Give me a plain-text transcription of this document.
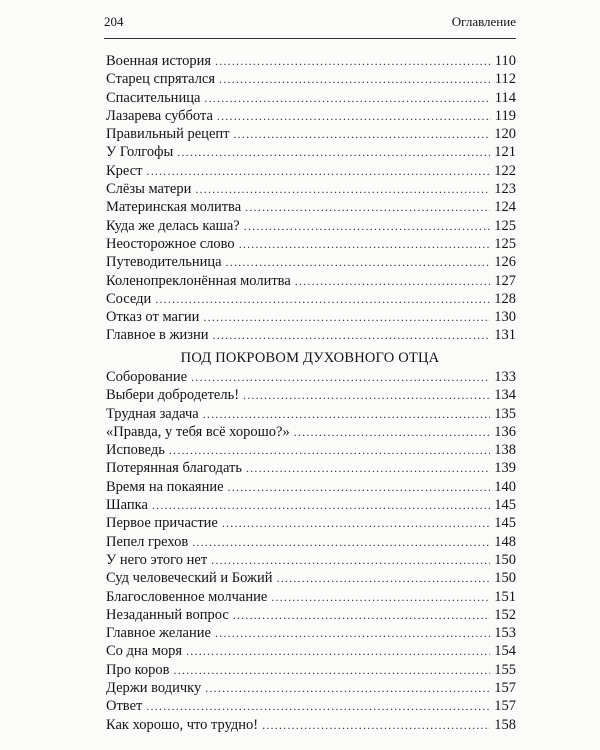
204	Оглавление
Военная история .....	110
Старец спрятался .....	112
Спасительница .....	114
Лазарева суббота .....	119
Правильный рецепт .....	120
У Голгофы .....	121
Крест .....	122
Слёзы матери .....	123
Материнская молитва .....	124
Куда же делась каша? .....	125
Неосторожное слово .....	125
Путеводительница .....	126
Коленопреклонённая молитва .....	127
Соседи .....	128
Отказ от магии .....	130
Главное в жизни .....	131
ПОД ПОКРОВОМ ДУХОВНОГО ОТЦА
Соборование .....	133
Выбери добродетель! .....	134
Трудная задача .....	135
«Правда, у тебя всё хорошо?» .....	136
Исповедь .....	138
Потерянная благодать .....	139
Время на покаяние .....	140
Шапка .....	145
Первое причастие .....	145
Пепел грехов .....	148
У него этого нет .....	150
Суд человеческий и Божий .....	150
Благословенное молчание .....	151
Незаданный вопрос .....	152
Главное желание .....	153
Со дна моря .....	154
Про коров .....	155
Держи водичку .....	157
Ответ .....	157
Как хорошо, что трудно! .....	158
